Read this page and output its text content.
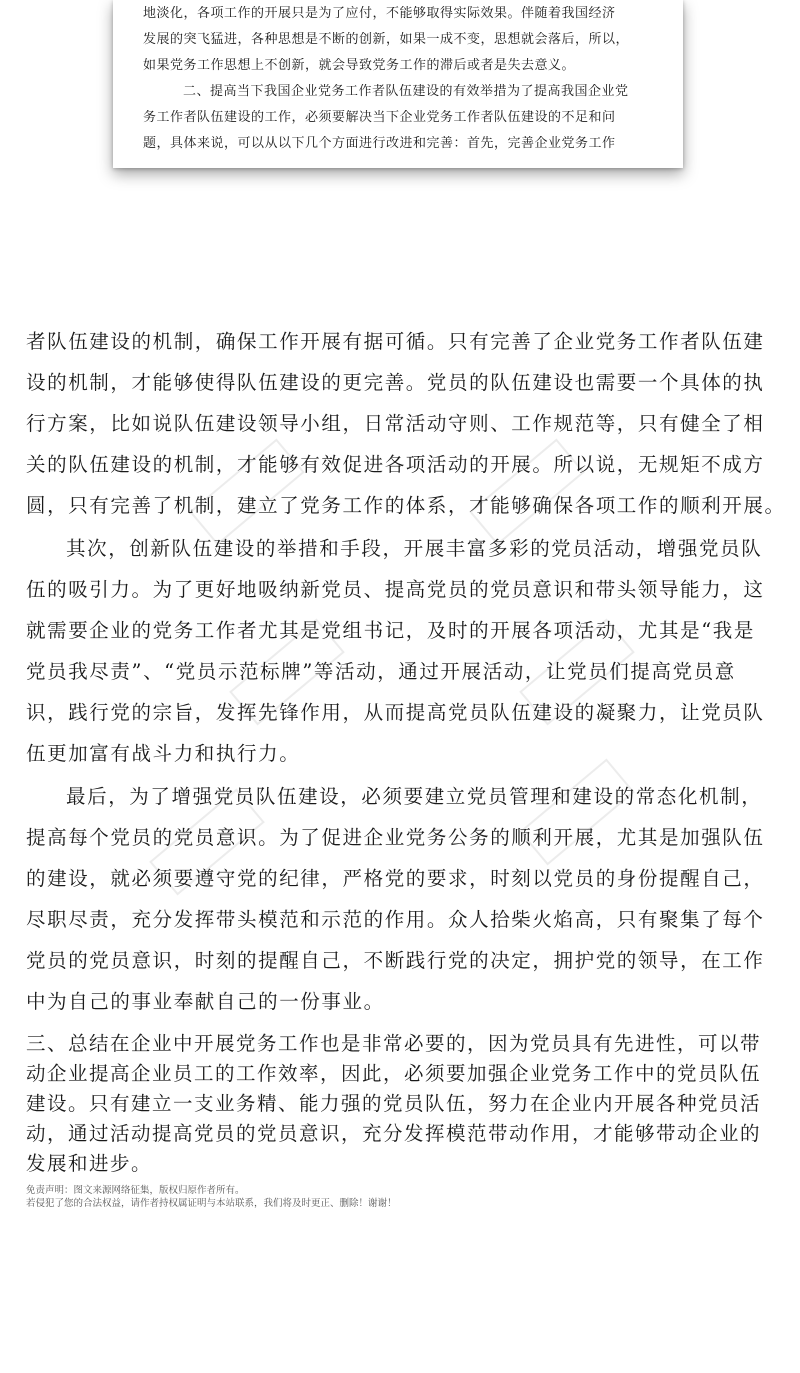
地淡化，各项工作的开展只是为了应付，不能够取得实际效果。伴随着我国经济
发展的突飞猛进，各种思想是不断的创新，如果一成不变，思想就会落后，所以，
如果党务工作思想上不创新，就会导致党务工作的滞后或者是失去意义。
二、提高当下我国企业党务工作者队伍建设的有效举措为了提高我国企业党
务工作者队伍建设的工作，必须要解决当下企业党务工作者队伍建设的不足和问
题，具体来说，可以从以下几个方面进行改进和完善：首先，完善企业党务工作
者队伍建设的机制，确保工作开展有据可循。只有完善了企业党务工作者队伍建
设的机制，才能够使得队伍建设的更完善。党员的队伍建设也需要一个具体的执
行方案，比如说队伍建设领导小组，日常活动守则、工作规范等，只有健全了相
关的队伍建设的机制，才能够有效促进各项活动的开展。所以说，无规矩不成方
圆，只有完善了机制，建立了党务工作的体系，才能够确保各项工作的顺利开展。
其次，创新队伍建设的举措和手段，开展丰富多彩的党员活动，增强党员队
伍的吸引力。为了更好地吸纳新党员、提高党员的党员意识和带头领导能力，这
就需要企业的党务工作者尤其是党组书记，及时的开展各项活动，尤其是“我是
党员我尽责”、“党员示范标牌”等活动，通过开展活动，让党员们提高党员意
识，践行党的宗旨，发挥先锋作用，从而提高党员队伍建设的凝聚力，让党员队
伍更加富有战斗力和执行力。
最后，为了增强党员队伍建设，必须要建立党员管理和建设的常态化机制，
提高每个党员的党员意识。为了促进企业党务公务的顺利开展，尤其是加强队伍
的建设，就必须要遵守党的纪律，严格党的要求，时刻以党员的身份提醒自己，
尽职尽责，充分发挥带头模范和示范的作用。众人拾柴火焰高，只有聚集了每个
党员的党员意识，时刻的提醒自己，不断践行党的决定，拥护党的领导，在工作
中为自己的事业奉献自己的一份事业。
三、总结在企业中开展党务工作也是非常必要的，因为党员具有先进性，可以带
动企业提高企业员工的工作效率，因此，必须要加强企业党务工作中的党员队伍
建设。只有建立一支业务精、能力强的党员队伍，努力在企业内开展各种党员活
动，通过活动提高党员的党员意识，充分发挥模范带动作用，才能够带动企业的
发展和进步。
免责声明：图文来源网络征集，版权归原作者所有。
若侵犯了您的合法权益，请作者持权属证明与本站联系，我们将及时更正、删除！谢谢！
